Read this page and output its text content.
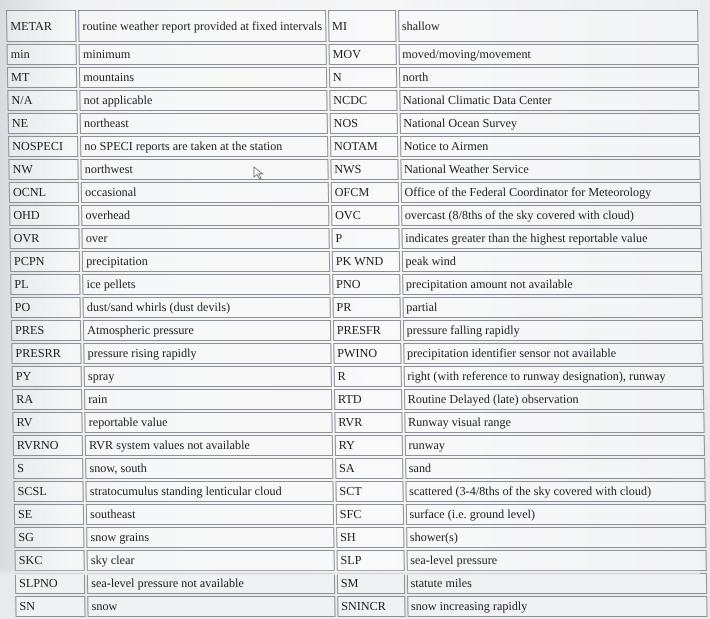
METAR	routine weather report provided at fixed intervals	MI	shallow
min	minimum	MOV	moved/moving/movement
MT	mountains	N	north
N/A	not applicable	NCDC	National Climatic Data Center
NE	northeast	NOS	National Ocean Survey
NOSPECI	no SPECI reports are taken at the station	NOTAM	Notice to Airmen
NW	northwest	NWS	National Weather Service
OCNL	occasional	OFCM	Office of the Federal Coordinator for Meteorology
OHD	overhead	OVC	overcast (8/8ths of the sky covered with cloud)
OVR	over	P	indicates greater than the highest reportable value
PCPN	precipitation	PK WND	peak wind
PL	ice pellets	PNO	precipitation amount not available
PO	dust/sand whirls (dust devils)	PR	partial
PRES	Atmospheric pressure	PRESFR	pressure falling rapidly
PRESRR	pressure rising rapidly	PWINO	precipitation identifier sensor not available
PY	spray	R	right (with reference to runway designation), runway
RA	rain	RTD	Routine Delayed (late) observation
RV	reportable value	RVR	Runway visual range
RVRNO	RVR system values not available	RY	runway
S	snow, south	SA	sand
SCSL	stratocumulus standing lenticular cloud	SCT	scattered (3-4/8ths of the sky covered with cloud)
SE	southeast	SFC	surface (i.e. ground level)
SG	snow grains	SH	shower(s)
SKC	sky clear	SLP	sea-level pressure
SLPNO	sea-level pressure not available	SM	statute miles
SN	snow	SNINCR	snow increasing rapidly
